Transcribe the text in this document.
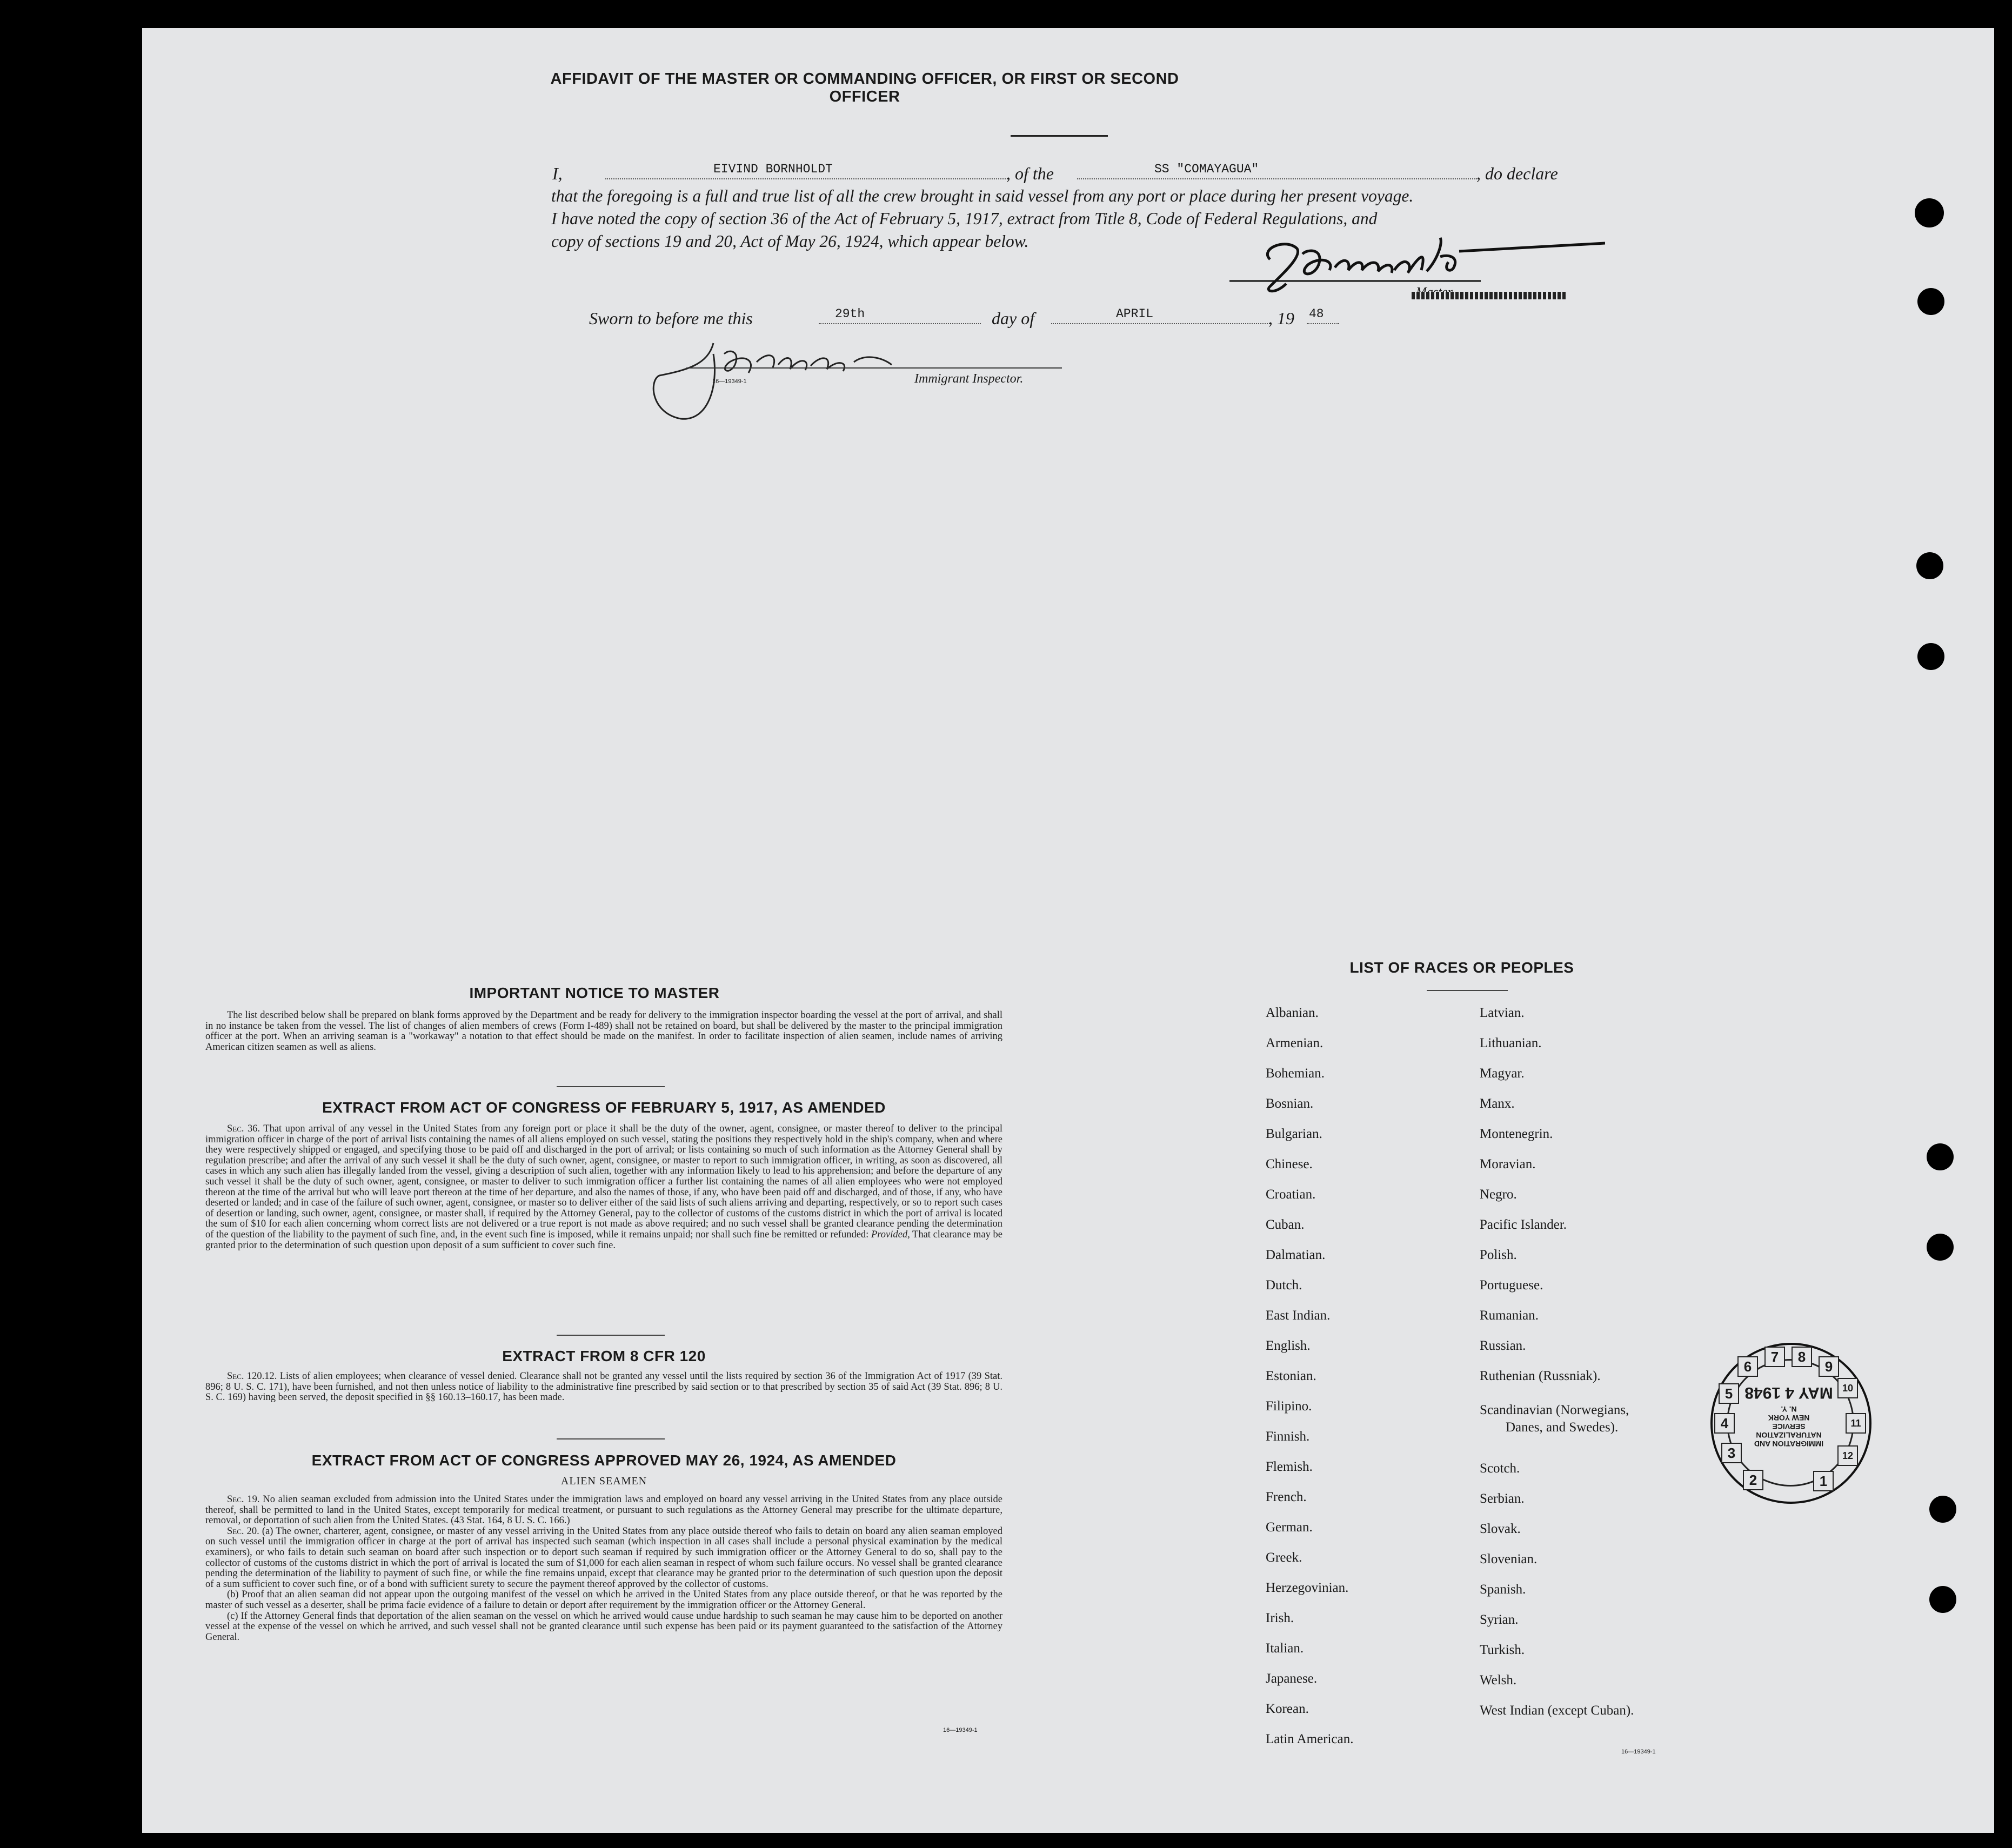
AFFIDAVIT OF THE MASTER OR COMMANDING OFFICER, OR FIRST OR SECOND OFFICER
I,	EIVIND BORNHOLDT	, of the	SS "COMAYAGUA"	, do declare
that the foregoing is a full and true list of all the crew brought in said vessel from any port or place during her present voyage.
I have noted the copy of section 36 of the Act of February 5, 1917, extract from Title 8, Code of Federal Regulations, and
copy of sections 19 and 20, Act of May 26, 1924, which appear below.
Sworn to before me this	29th	day of	APRIL	, 19 48
16—19349-1	Immigrant Inspector.
IMPORTANT NOTICE TO MASTER
The list described below shall be prepared on blank forms approved by the Department and be ready for delivery to the immigration inspector boarding the vessel at the port of arrival, and shall in no instance be taken from the vessel. The list of changes of alien members of crews (Form I-489) shall not be retained on board, but shall be delivered by the master to the principal immigration officer at the port. When an arriving seaman is a "workaway" a notation to that effect should be made on the manifest. In order to facilitate inspection of alien seamen, include names of arriving American citizen seamen as well as aliens.
EXTRACT FROM ACT OF CONGRESS OF FEBRUARY 5, 1917, AS AMENDED
Sec. 36. That upon arrival of any vessel in the United States from any foreign port or place it shall be the duty of the owner, agent, consignee, or master thereof to deliver to the principal immigration officer in charge of the port of arrival lists containing the names of all aliens employed on such vessel, stating the positions they respectively hold in the ship's company, when and where they were respectively shipped or engaged, and specifying those to be paid off and discharged in the port of arrival; or lists containing so much of such information as the Attorney General shall by regulation prescribe; and after the arrival of any such vessel it shall be the duty of such owner, agent, consignee, or master to report to such immigration officer, in writing, as soon as discovered, all cases in which any such alien has illegally landed from the vessel, giving a description of such alien, together with any information likely to lead to his apprehension; and before the departure of any such vessel it shall be the duty of such owner, agent, consignee, or master to deliver to such immigration officer a further list containing the names of all alien employees who were not employed thereon at the time of the arrival but who will leave port thereon at the time of her departure, and also the names of those, if any, who have been paid off and discharged, and of those, if any, who have deserted or landed; and in case of the failure of such owner, agent, consignee, or master so to deliver either of the said lists of such aliens arriving and departing, respectively, or so to report such cases of desertion or landing, such owner, agent, consignee, or master shall, if required by the Attorney General, pay to the collector of customs of the customs district in which the port of arrival is located the sum of $10 for each alien concerning whom correct lists are not delivered or a true report is not made as above required; and no such vessel shall be granted clearance pending the determination of the question of the liability to the payment of such fine, and, in the event such fine is imposed, while it remains unpaid; nor shall such fine be remitted or refunded: Provided, That clearance may be granted prior to the determination of such question upon deposit of a sum sufficient to cover such fine.
EXTRACT FROM 8 CFR 120
Sec. 120.12. Lists of alien employees; when clearance of vessel denied. Clearance shall not be granted any vessel until the lists required by section 36 of the Immigration Act of 1917 (39 Stat. 896; 8 U. S. C. 171), have been furnished, and not then unless notice of liability to the administrative fine prescribed by said section or to that prescribed by section 35 of said Act (39 Stat. 896; 8 U. S. C. 169) having been served, the deposit specified in §§ 160.13–160.17, has been made.
EXTRACT FROM ACT OF CONGRESS APPROVED MAY 26, 1924, AS AMENDED
ALIEN SEAMEN
Sec. 19. No alien seaman excluded from admission into the United States under the immigration laws and employed on board any vessel arriving in the United States from any place outside thereof, shall be permitted to land in the United States, except temporarily for medical treatment, or pursuant to such regulations as the Attorney General may prescribe for the ultimate departure, removal, or deportation of such alien from the United States. (43 Stat. 164, 8 U. S. C. 166.)
Sec. 20. (a) The owner, charterer, agent, consignee, or master of any vessel arriving in the United States from any place outside thereof who fails to detain on board any alien seaman employed on such vessel until the immigration officer in charge at the port of arrival has inspected such seaman (which inspection in all cases shall include a personal physical examination by the medical examiners), or who fails to detain such seaman on board after such inspection or to deport such seaman if required by such immigration officer or the Attorney General to do so, shall pay to the collector of customs of the customs district in which the port of arrival is located the sum of $1,000 for each alien seaman in respect of whom such failure occurs. No vessel shall be granted clearance pending the determination of the liability to payment of such fine, or while the fine remains unpaid, except that clearance may be granted prior to the determination of such question upon the deposit of a sum sufficient to cover such fine, or of a bond with sufficient surety to secure the payment thereof approved by the collector of customs.
(b) Proof that an alien seaman did not appear upon the outgoing manifest of the vessel on which he arrived in the United States from any place outside thereof, or that he was reported by the master of such vessel as a deserter, shall be prima facie evidence of a failure to detain or deport after requirement by the immigration officer or the Attorney General.
(c) If the Attorney General finds that deportation of the alien seaman on the vessel on which he arrived would cause undue hardship to such seaman he may cause him to be deported on another vessel at the expense of the vessel on which he arrived, and such vessel shall not be granted clearance until such expense has been paid or its payment guaranteed to the satisfaction of the Attorney General.
16—19349-1
LIST OF RACES OR PEOPLES
Albanian.
Armenian.
Bohemian.
Bosnian.
Bulgarian.
Chinese.
Croatian.
Cuban.
Dalmatian.
Dutch.
East Indian.
English.
Estonian.
Filipino.
Finnish.
Flemish.
French.
German.
Greek.
Herzegovinian.
Irish.
Italian.
Japanese.
Korean.
Latin American.
Latvian.
Lithuanian.
Magyar.
Manx.
Montenegrin.
Moravian.
Negro.
Pacific Islander.
Polish.
Portuguese.
Rumanian.
Russian.
Ruthenian (Russniak).
Scandinavian (Norwegians,
Danes, and Swedes).
Scotch.
Serbian.
Slovak.
Slovenian.
Spanish.
Syrian.
Turkish.
Welsh.
West Indian (except Cuban).
16—19349-1
6
7	8
9
10
5
4	11
3	12
2	1
IMMIGRATION AND
NATURALIZATION
SERVICE
NEW YORK
N. Y.
MAY 4 1948
